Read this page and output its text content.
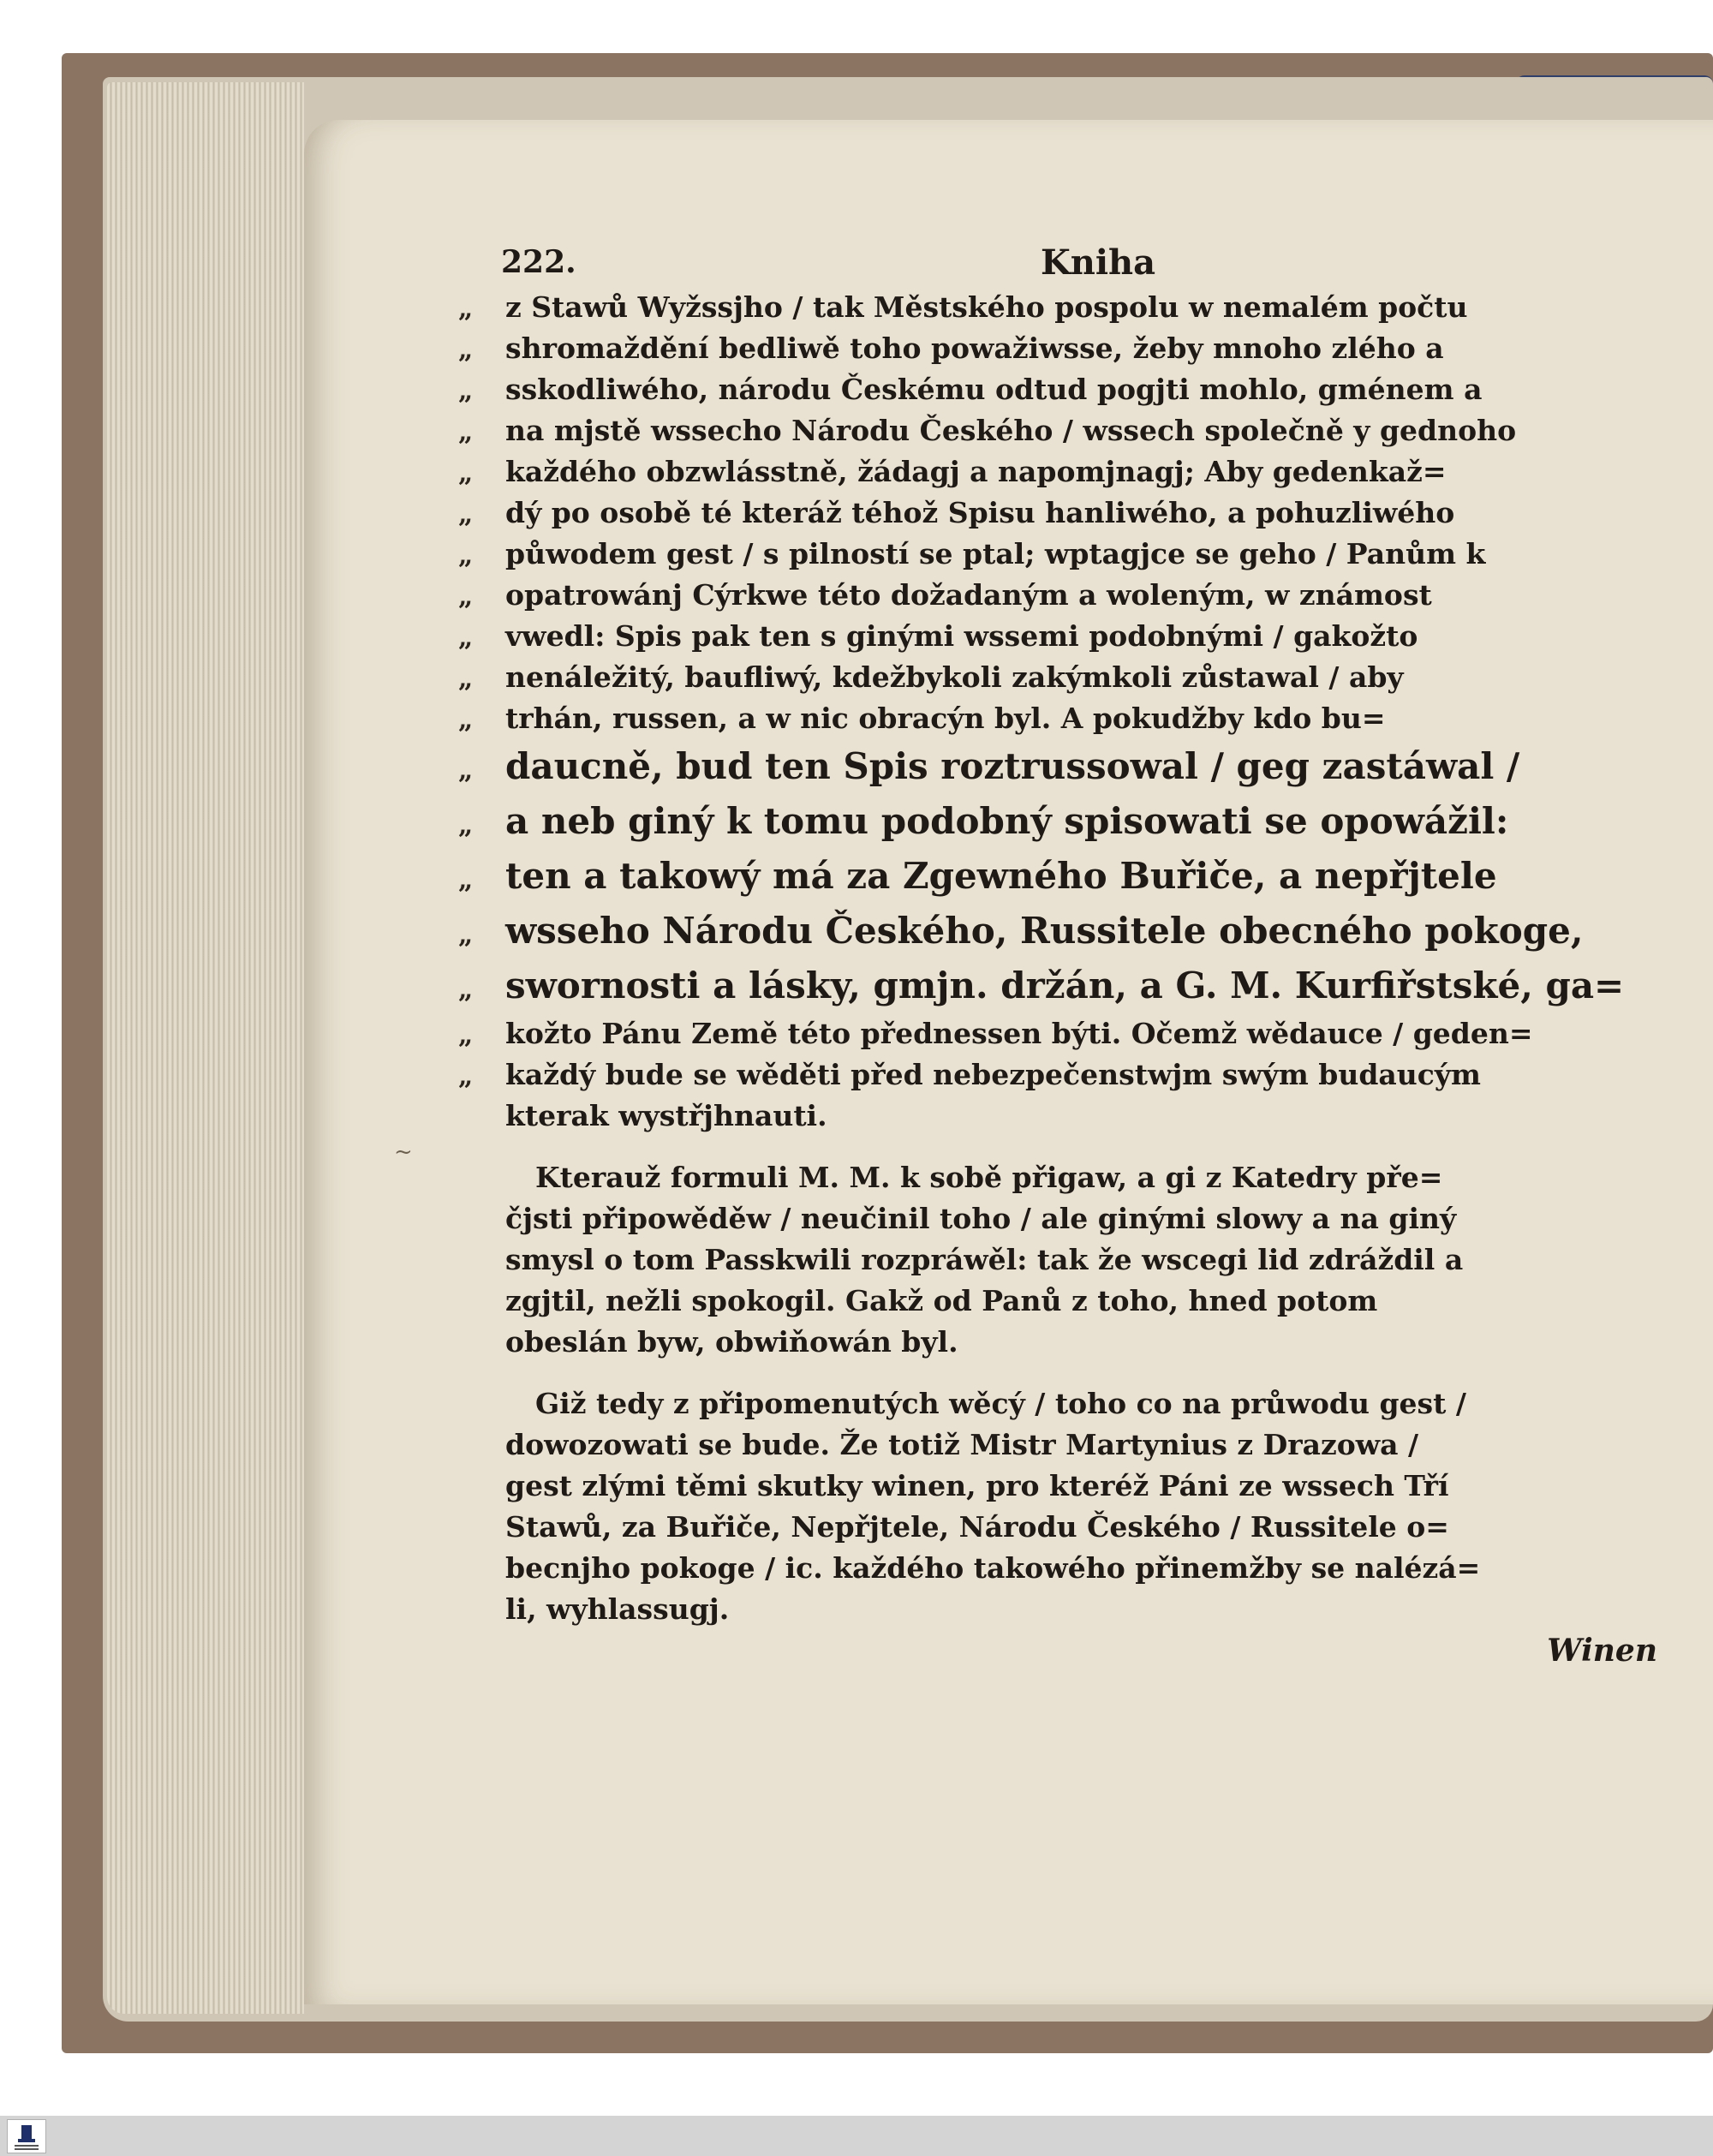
222.	Kniha
„ z Stawů Wyžssjho / tak Městského pospolu w nemalém počtu
„ shromaždění bedliwě toho powažiwsse, žeby mnoho zlého a
„ sskodliwého, národu Českému odtud pogjti mohlo, gménem a
„ na mjstě wssecho Národu Českého / wssech společně y gednoho
„ každého obzwlásstně, žádagj a napomjnagj; Aby gedenkaž=
„ dý po osobě té kteráž téhož Spisu hanliwého, a pohuzliwého
„ půwodem gest / s pilností se ptal; wptagjce se geho / Panům k
„ opatrowánj Cýrkwe této dožadaným a woleným, w známost
„ vwedl: Spis pak ten s ginými wssemi podobnými / gakožto
„ nenáležitý, baufliwý, kdežbykoli zakýmkoli zůstawal / aby
„ trhán, russen, a w nic obracýn byl. A pokudžby kdo bu=
„ daucně, bud ten Spis roztrussowal / geg zastáwal /
„ a neb giný k tomu podobný spisowati se opowážil:
„ ten a takowý má za Zgewného Buřiče, a nepřjtele
„ wsseho Národu Českého, Russitele obecného pokoge,
„ swornosti a lásky, gmjn. držán, a G. M. Kurfiřstské, ga=
„ kožto Pánu Země této přednessen býti. Očemž wědauce / geden=
„ každý bude se wěděti před nebezpečenstwjm swým budaucým
kterak wystřjhnauti.
Kterauž formuli M. M. k sobě přigaw, a gi z Katedry pře=
čjsti připowěděw / neučinil toho / ale ginými slowy a na giný
smysl o tom Passkwili rozpráwěl: tak že wscegi lid zdráždil a
zgjtil, nežli spokogil. Gakž od Panů z toho, hned potom
obeslán byw, obwiňowán byl.
Giž tedy z připomenutých wěcý / toho co na průwodu gest /
dowozowati se bude. Že totiž Mistr Martynius z Drazowa /
gest zlými těmi skutky winen, pro kteréž Páni ze wssech Tří
Stawů, za Buřiče, Nepřjtele, Národu Českého / Russitele o=
becnjho pokoge / ic. každého takowého přinemžby se nalézá=
li, wyhlassugj.
Winen
~
